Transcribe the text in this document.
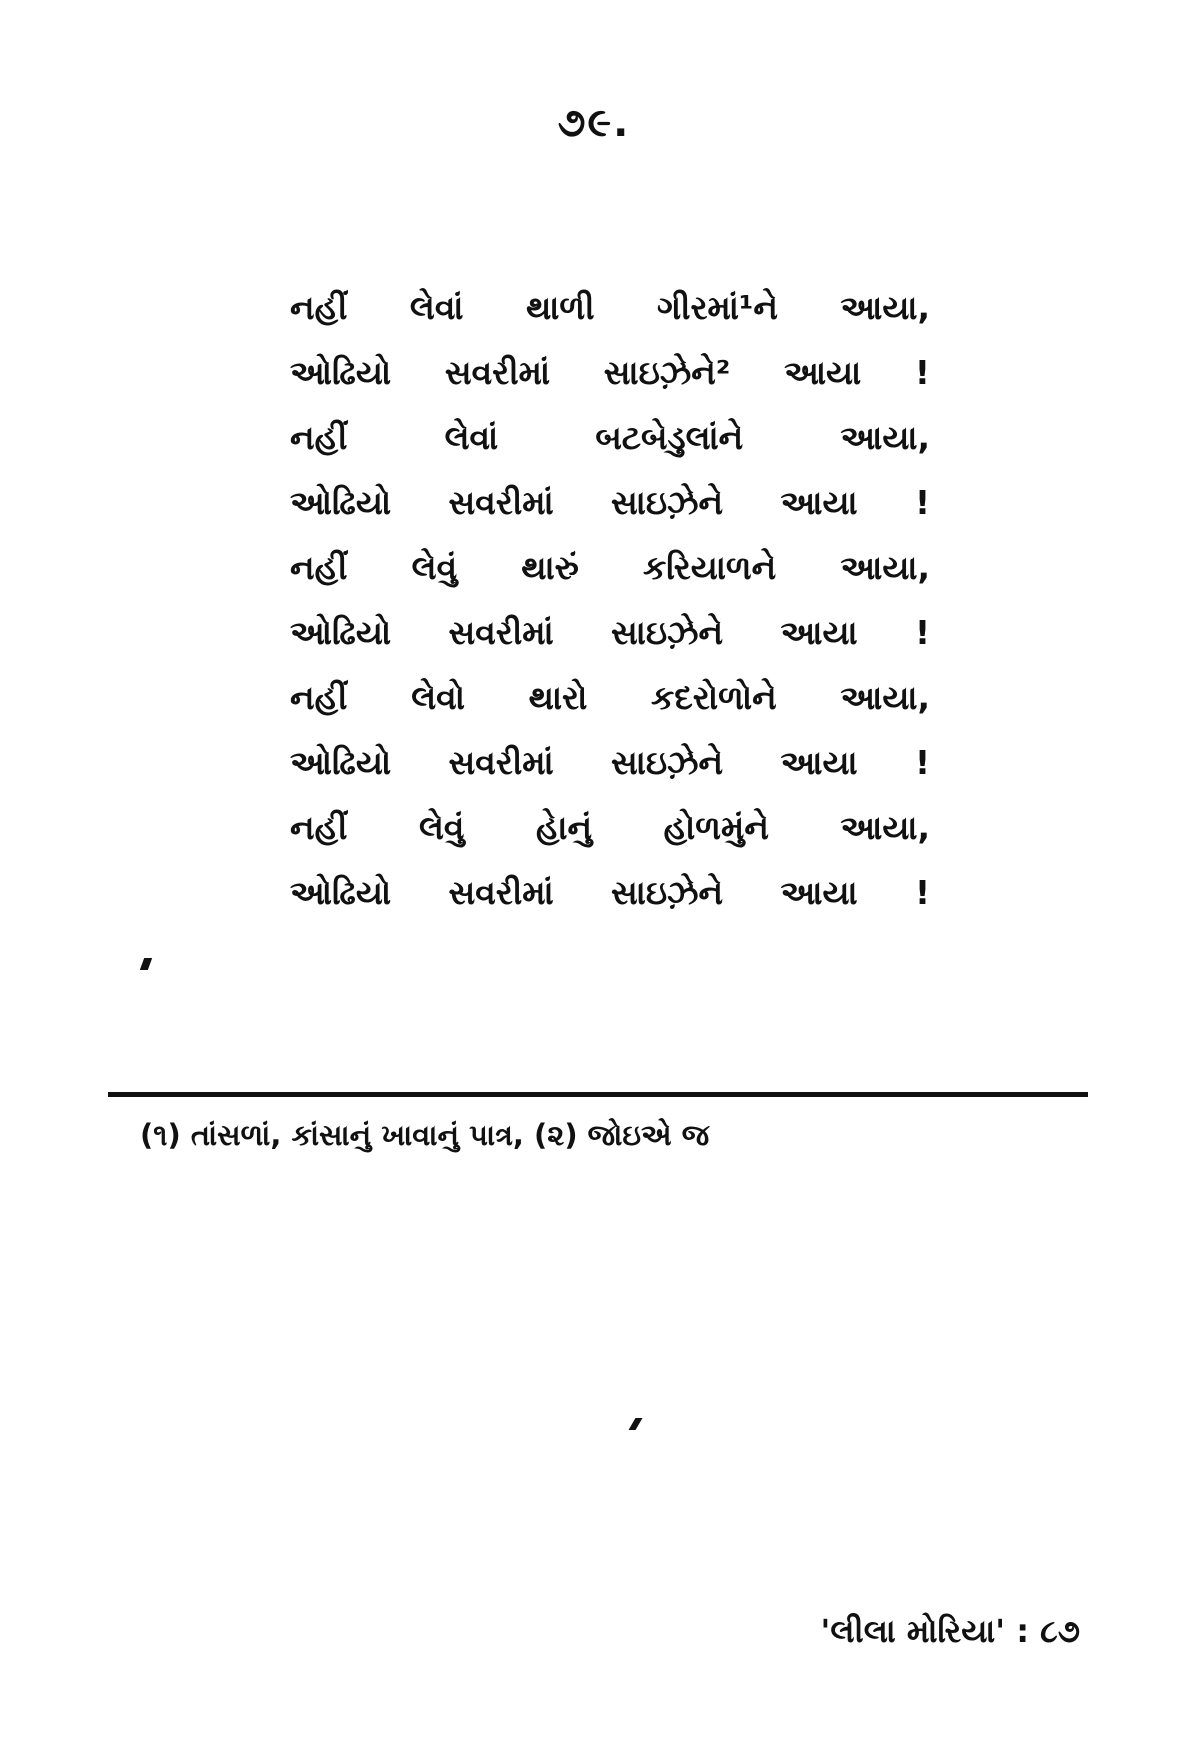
૭૯.
નહીં લેવાં થાળી ગીરમાં¹ને આયા,
ઓઢિયો સવરીમાં સાઇઝ઼ેને² આયા !
નહીં	લેવાં	બટબેડુલાંને	આયા,
ઓઢિયો સવરીમાં સાઇઝ઼ેને આયા !
નહીં લેવું થારું કરિયાળને આયા,
ઓઢિયો સવરીમાં સાઇઝ઼ેને આયા !
નહીં લેવો થારો કદરોળોને આયા,
ઓઢિયો સવરીમાં સાઇઝ઼ેને આયા !
નહીં લેવું હેાનું હોળમુંને આયા,
ઓઢિયો સવરીમાં સાઇઝ઼ેને આયા !
(૧) તાંસળાં, કાંસાનું ખાવાનું પાત્ર, (૨) જોઇએ જ
'લીલા મોરિયા' : ૮૭
